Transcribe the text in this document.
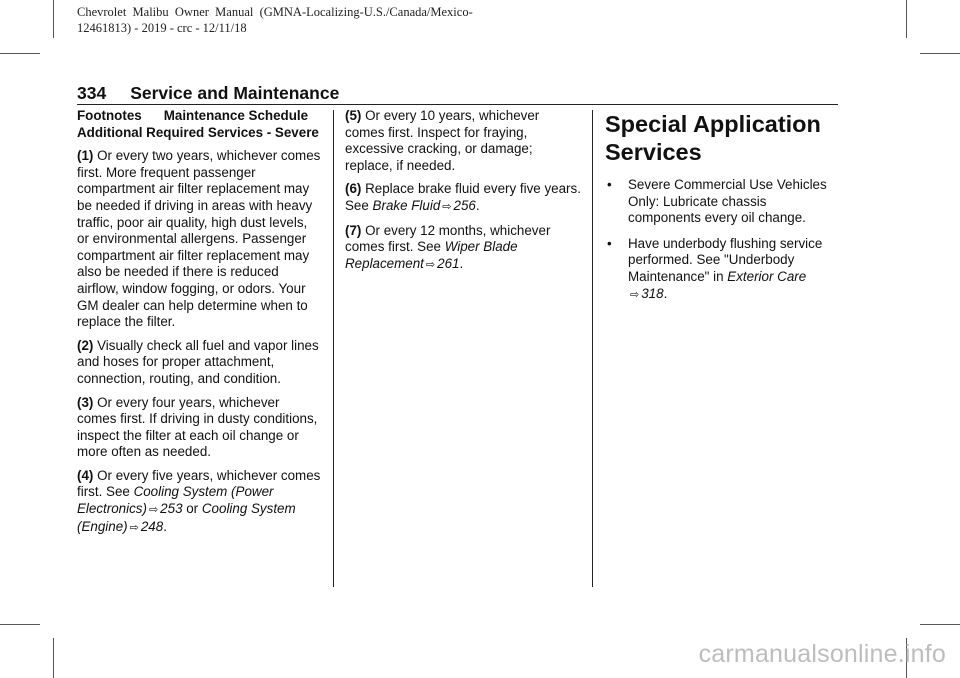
Chevrolet  Malibu  Owner  Manual  (GMNA-Localizing-U.S./Canada/Mexico-
12461813) - 2019 - crc - 12/11/18
334 Service and Maintenance

Footnotes Maintenance Schedule Additional Required Services - Severe

(1) Or every two years, whichever comes first. More frequent passenger compartment air filter replacement may be needed if driving in areas with heavy traffic, poor air quality, high dust levels, or environmental allergens. Passenger compartment air filter replacement may also be needed if there is reduced airflow, window fogging, or odors. Your GM dealer can help determine when to replace the filter.

(2) Visually check all fuel and vapor lines and hoses for proper attachment, connection, routing, and condition.

(3) Or every four years, whichever comes first. If driving in dusty conditions, inspect the filter at each oil change or more often as needed.

(4) Or every five years, whichever comes first. See Cooling System (Power Electronics) ⇨ 253 or Cooling System (Engine) ⇨ 248.

(5) Or every 10 years, whichever comes first. Inspect for fraying, excessive cracking, or damage; replace, if needed.

(6) Replace brake fluid every five years. See Brake Fluid ⇨ 256.

(7) Or every 12 months, whichever comes first. See Wiper Blade Replacement ⇨ 261.

Special Application Services
• Severe Commercial Use Vehicles Only: Lubricate chassis components every oil change.
• Have underbody flushing service performed. See "Underbody Maintenance" in Exterior Care
⇨ 318.
carmanualsonline.info
